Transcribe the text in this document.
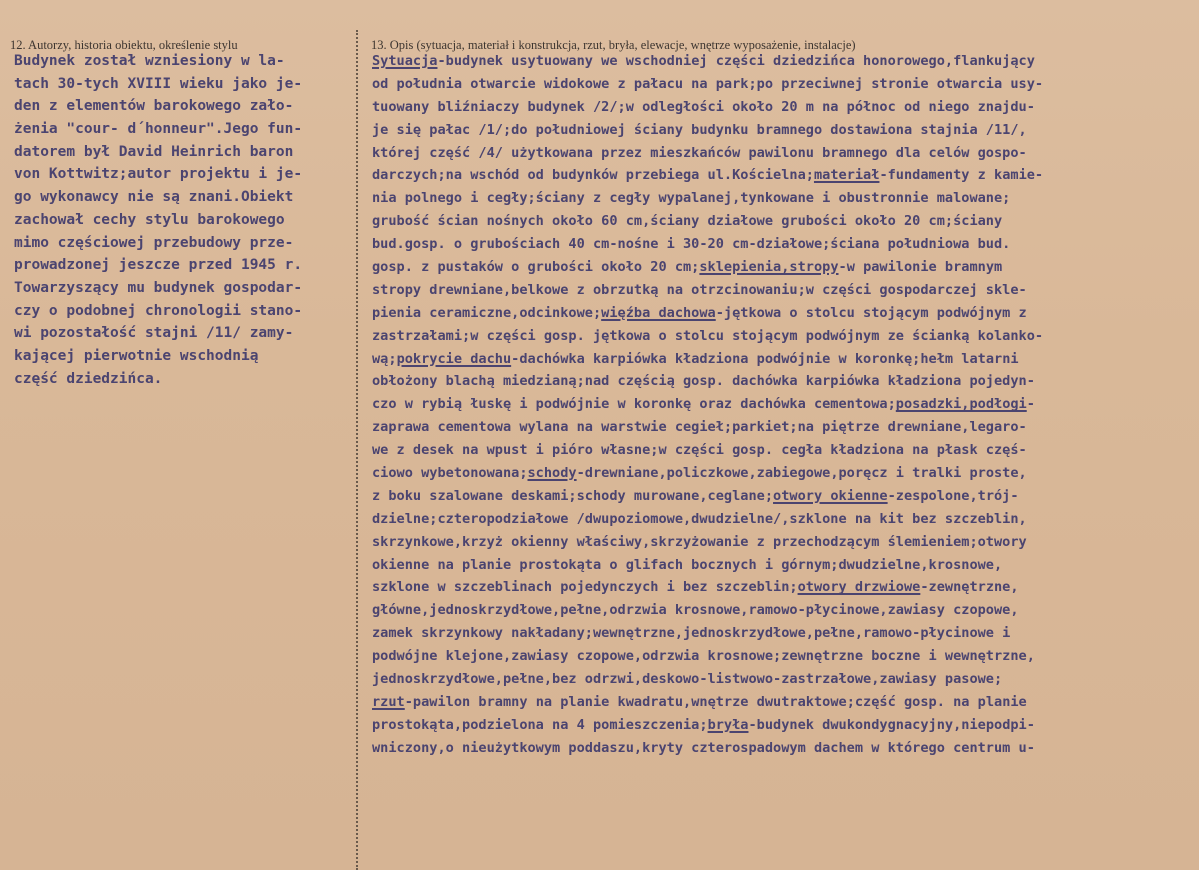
12. Autorzy, historia obiektu, określenie stylu	13. Opis (sytuacja, materiał i konstrukcja, rzut, bryła, elewacje, wnętrze wyposażenie, instalacje)
Budynek został wzniesiony w la-
tach 30-tych XVIII wieku jako je-
den z elementów barokowego zało-
żenia "cour- d´honneur".Jego fun-
datorem był David Heinrich baron
von Kottwitz;autor projektu i je-
go wykonawcy nie są znani.Obiekt
zachował cechy stylu barokowego
mimo częściowej przebudowy prze-
prowadzonej jeszcze przed 1945 r.
Towarzyszący mu budynek gospodar-
czy o podobnej chronologii stano-
wi pozostałość stajni /11/ zamy-
kającej pierwotnie wschodnią
część dziedzińca.
Sytuacja-budynek usytuowany we wschodniej części dziedzińca honorowego,flankujący
od południa otwarcie widokowe z pałacu na park;po przeciwnej stronie otwarcia usy-
tuowany bliźniaczy budynek /2/;w odległości około 20 m na północ od niego znajdu-
je się pałac /1/;do południowej ściany budynku bramnego dostawiona stajnia /11/,
której część /4/ użytkowana przez mieszkańców pawilonu bramnego dla celów gospo-
darczych;na wschód od budynków przebiega ul.Kościelna;materiał-fundamenty z kamie-
nia polnego i cegły;ściany z cegły wypalanej,tynkowane i obustronnie malowane;
grubość ścian nośnych około 60 cm,ściany działowe grubości około 20 cm;ściany
bud.gosp. o grubościach 40 cm-nośne i 30-20 cm-działowe;ściana południowa bud.
gosp. z pustaków o grubości około 20 cm;sklepienia,stropy-w pawilonie bramnym
stropy drewniane,belkowe z obrzutką na otrzcinowaniu;w części gospodarczej skle-
pienia ceramiczne,odcinkowe;więźba dachowa-jętkowa o stolcu stojącym podwójnym z
zastrzałami;w części gosp. jętkowa o stolcu stojącym podwójnym ze ścianką kolanko-
wą;pokrycie dachu-dachówka karpiówka kładziona podwójnie w koronkę;hełm latarni
obłożony blachą miedzianą;nad częścią gosp. dachówka karpiówka kładziona pojedyn-
czo w rybią łuskę i podwójnie w koronkę oraz dachówka cementowa;posadzki,podłogi-
zaprawa cementowa wylana na warstwie cegieł;parkiet;na piętrze drewniane,legaro-
we z desek na wpust i pióro własne;w części gosp. cegła kładziona na płask częś-
ciowo wybetonowana;schody-drewniane,policzkowe,zabiegowe,poręcz i tralki proste,
z boku szalowane deskami;schody murowane,ceglane;otwory okienne-zespolone,trój-
dzielne;czteropodziałowe /dwupoziomowe,dwudzielne/,szklone na kit bez szczeblin,
skrzynkowe,krzyż okienny właściwy,skrzyżowanie z przechodzącym ślemieniem;otwory
okienne na planie prostokąta o glifach bocznych i górnym;dwudzielne,krosnowe,
szklone w szczeblinach pojedynczych i bez szczeblin;otwory drzwiowe-zewnętrzne,
główne,jednoskrzydłowe,pełne,odrzwia krosnowe,ramowo-płycinowe,zawiasy czopowe,
zamek skrzynkowy nakładany;wewnętrzne,jednoskrzydłowe,pełne,ramowo-płycinowe i
podwójne klejone,zawiasy czopowe,odrzwia krosnowe;zewnętrzne boczne i wewnętrzne,
jednoskrzydłowe,pełne,bez odrzwi,deskowo-listwowo-zastrzałowe,zawiasy pasowe;
rzut-pawilon bramny na planie kwadratu,wnętrze dwutraktowe;część gosp. na planie
prostokąta,podzielona na 4 pomieszczenia;bryła-budynek dwukondygnacyjny,niepodpi-
wniczony,o nieużytkowym poddaszu,kryty czterospadowym dachem w którego centrum u-
